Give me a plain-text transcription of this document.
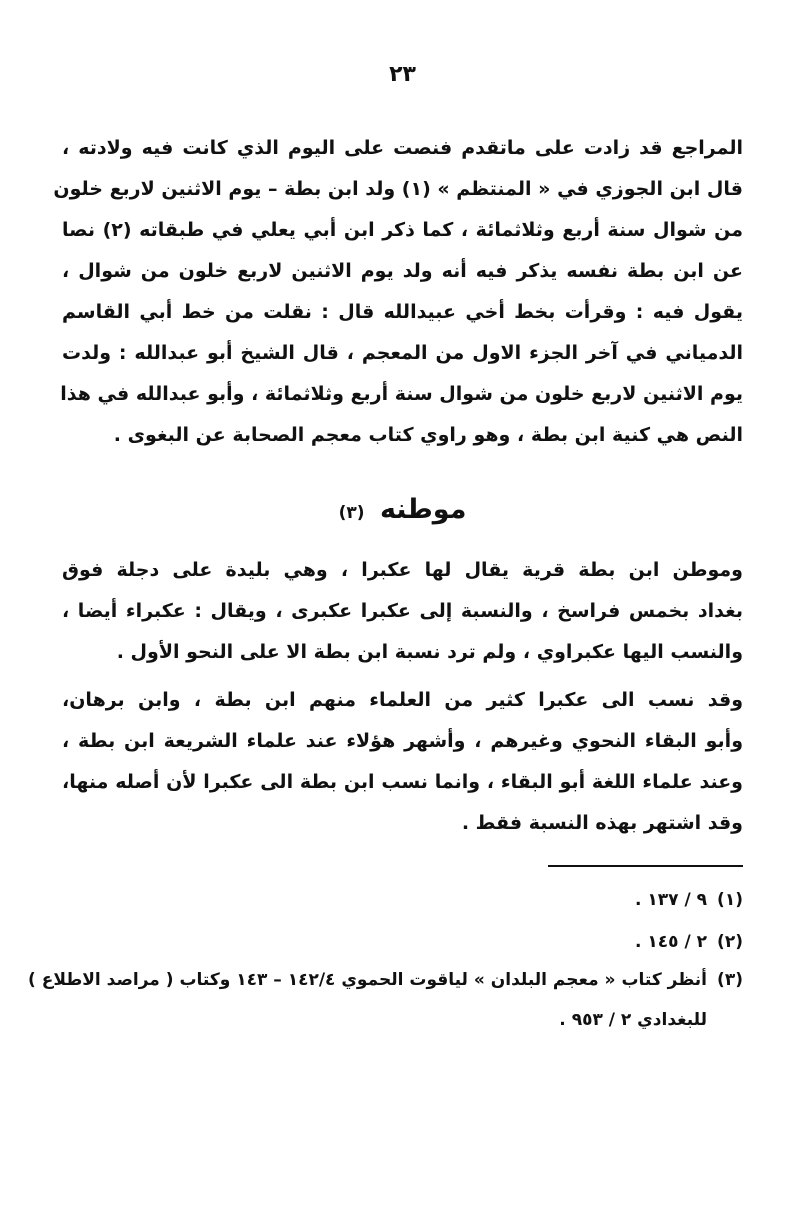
٢٣
المراجع قد زادت على ماتقدم فنصت على اليوم الذي كانت فيه ولادته ،
قال ابن الجوزي في « المنتظم » (١) ولد ابن بطة – يوم الاثنين لاربع خلون
من شوال سنة أربع وثلاثمائة ، كما ذكر ابن أبي يعلي في طبقاته (٢) نصا
عن ابن بطة نفسه يذكر فيه أنه ولد يوم الاثنين لاربع خلون من شوال ،
يقول فيه : وقرأت بخط أخي عبيدالله قال : نقلت من خط أبي القاسم
الدمياني في آخر الجزء الاول من المعجم ، قال الشيخ أبو عبدالله : ولدت
يوم الاثنين لاربع خلون من شوال سنة أربع وثلاثمائة ، وأبو عبدالله في هذا
النص هي كنية ابن بطة ، وهو راوي كتاب معجم الصحابة عن البغوى .
موطنه (٣)
وموطن ابن بطة قرية يقال لها عكبرا ، وهي بليدة على دجلة فوق
بغداد بخمس فراسخ ، والنسبة إلى عكبرا عكبرى ، ويقال : عكبراء أيضا ،
والنسب اليها عكبراوي ، ولم ترد نسبة ابن بطة الا على النحو الأول .
وقد نسب الى عكبرا كثير من العلماء منهم ابن بطة ، وابن برهان،
وأبو البقاء النحوي وغيرهم ، وأشهر هؤلاء عند علماء الشريعة ابن بطة ،
وعند علماء اللغة أبو البقاء ، وانما نسب ابن بطة الى عكبرا لأن أصله منها،
وقد اشتهر بهذه النسبة فقط .
(١)٩ / ١٣٧ .
(٢)٢ / ١٤٥ .
(٣)أنظر كتاب « معجم البلدان » لياقوت الحموي ١٤٢/٤ – ١٤٣ وكتاب ( مراصد الاطلاع )
للبغدادي ٢ / ٩٥٣ .
